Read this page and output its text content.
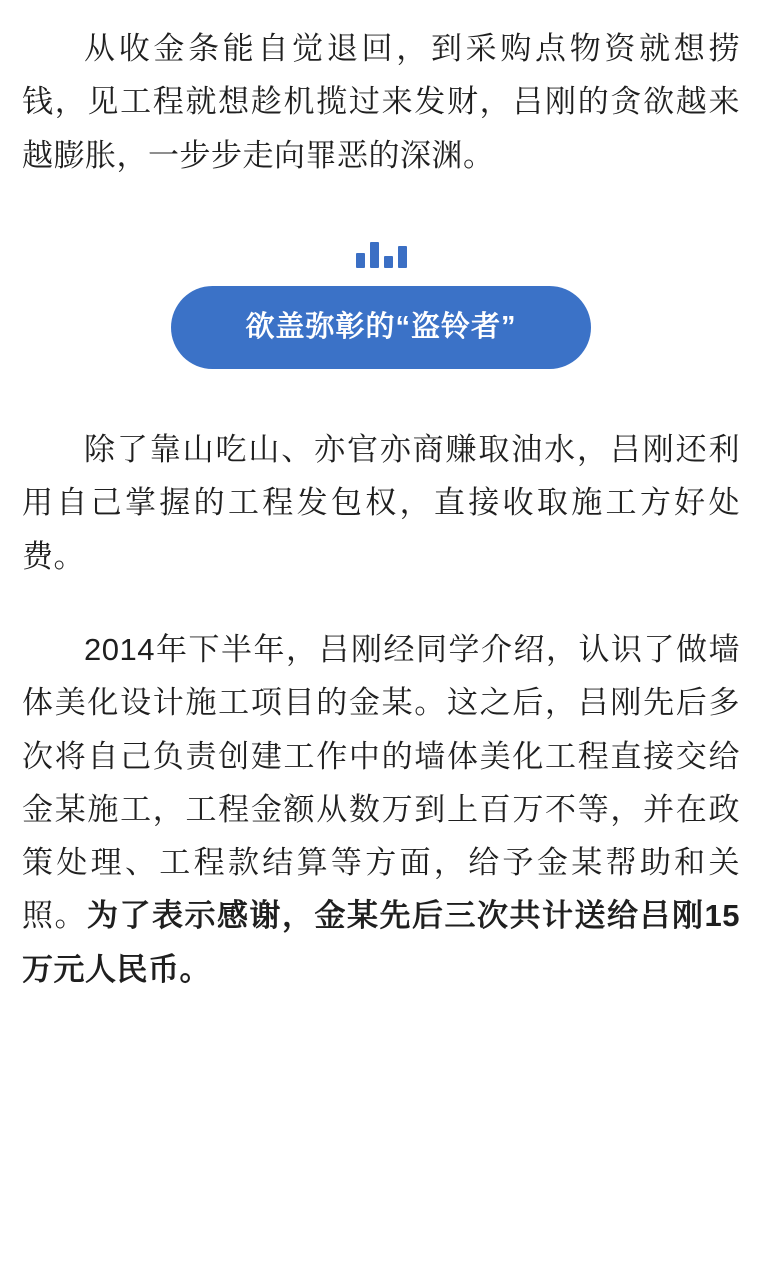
从收金条能自觉退回，到采购点物资就想捞钱，见工程就想趁机揽过来发财，吕刚的贪欲越来越膨胀，一步步走向罪恶的深渊。

欲盖弥彰的“盗铃者”

除了靠山吃山、亦官亦商赚取油水，吕刚还利用自己掌握的工程发包权，直接收取施工方好处费。

2014年下半年，吕刚经同学介绍，认识了做墙体美化设计施工项目的金某。这之后，吕刚先后多次将自己负责创建工作中的墙体美化工程直接交给金某施工，工程金额从数万到上百万不等，并在政策处理、工程款结算等方面，给予金某帮助和关照。为了表示感谢，金某先后三次共计送给吕刚15万元人民币。
